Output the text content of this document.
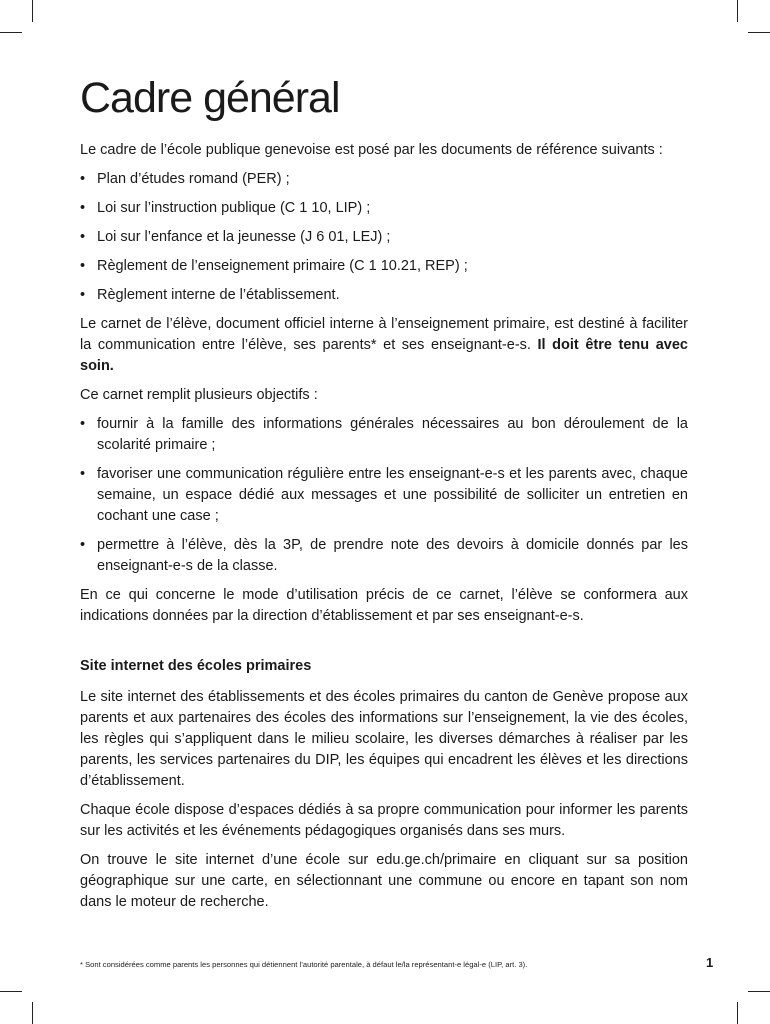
Cadre général

Le cadre de l’école publique genevoise est posé par les documents de référence suivants :

• Plan d’études romand (PER) ;
• Loi sur l’instruction publique (C 1 10, LIP) ;
• Loi sur l’enfance et la jeunesse (J 6 01, LEJ) ;
• Règlement de l’enseignement primaire (C 1 10.21, REP) ;
• Règlement interne de l’établissement.

Le carnet de l’élève, document officiel interne à l’enseignement primaire, est destiné à faciliter la communication entre l’élève, ses parents* et ses enseignant-e-s. Il doit être tenu avec soin.

Ce carnet remplit plusieurs objectifs :

• fournir à la famille des informations générales nécessaires au bon déroulement de la scolarité primaire ;
• favoriser une communication régulière entre les enseignant-e-s et les parents avec, chaque semaine, un espace dédié aux messages et une possibilité de solliciter un entretien en cochant une case ;
• permettre à l’élève, dès la 3P, de prendre note des devoirs à domicile donnés par les enseignant-e-s de la classe.

En ce qui concerne le mode d’utilisation précis de ce carnet, l’élève se conformera aux indications données par la direction d’établissement et par ses enseignant-e-s.

Site internet des écoles primaires

Le site internet des établissements et des écoles primaires du canton de Genève propose aux parents et aux partenaires des écoles des informations sur l’enseignement, la vie des écoles, les règles qui s’appliquent dans le milieu scolaire, les diverses démarches à réaliser par les parents, les services partenaires du DIP, les équipes qui encadrent les élèves et les directions d’établissement.

Chaque école dispose d’espaces dédiés à sa propre communication pour informer les parents sur les activités et les événements pédagogiques organisés dans ses murs.

On trouve le site internet d’une école sur edu.ge.ch/primaire en cliquant sur sa position géographique sur une carte, en sélectionnant une commune ou encore en tapant son nom dans le moteur de recherche.

* Sont considérées comme parents les personnes qui détiennent l’autorité parentale, à défaut le/la représentant-e légal-e (LIP, art. 3).	1
